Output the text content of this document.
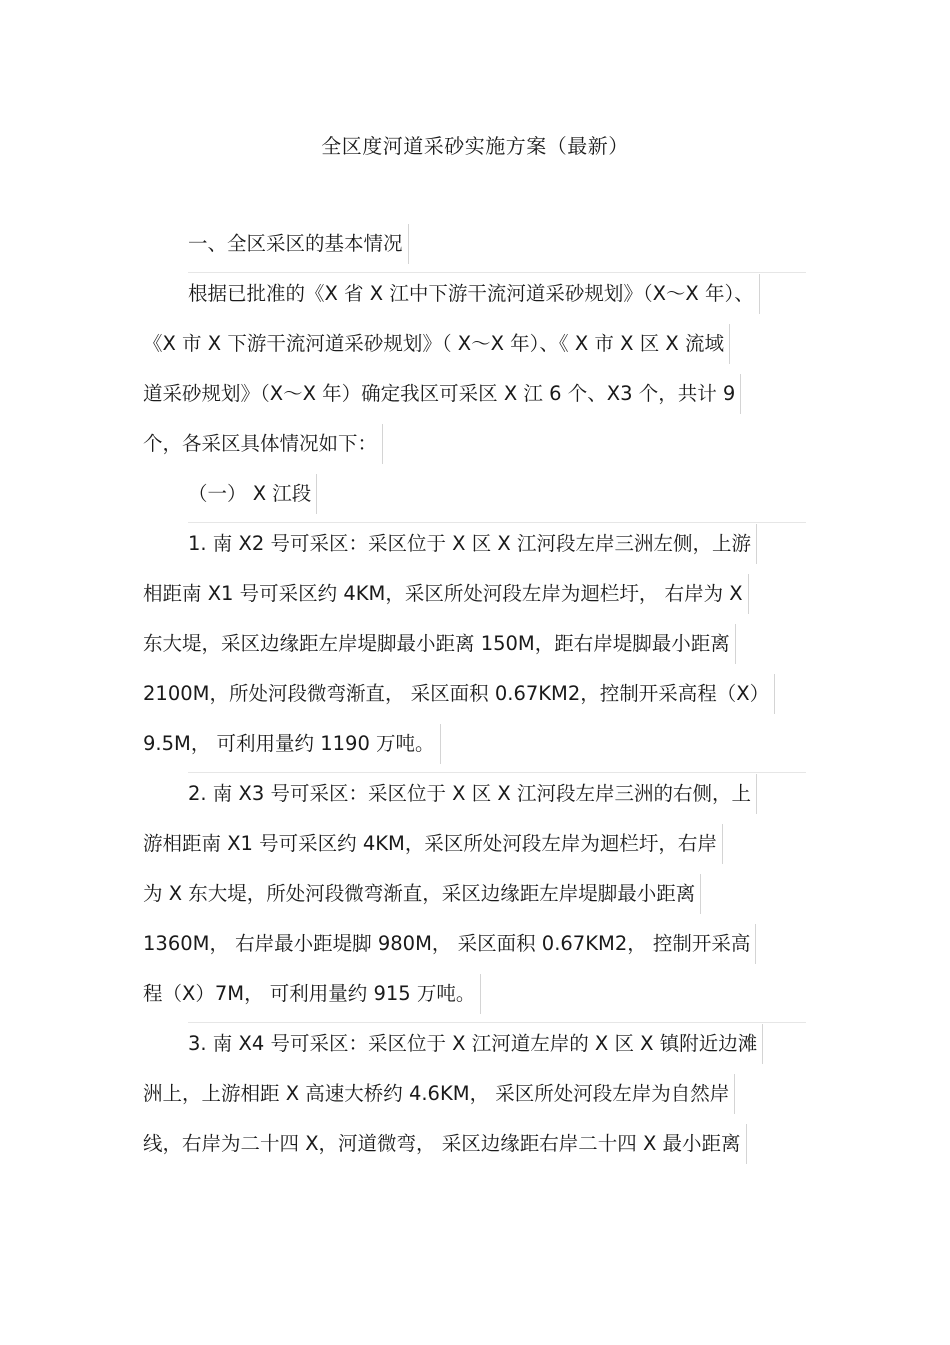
全区度河道采砂实施方案（最新）
一、全区采区的基本情况
根据已批准的《X 省 X 江中下游干流河道采砂规划》（X～X 年）、
《X 市 X 下游干流河道采砂规划》（ X～X 年）、《 X 市 X 区 X 流域
道采砂规划》（X～X 年）确定我区可采区 X 江 6 个、X3 个，共计 9
个，各采区具体情况如下：
（一） X 江段
1. 南 X2 号可采区：采区位于 X 区 X 江河段左岸三洲左侧，上游
相距南 X1 号可采区约 4KM，采区所处河段左岸为迴栏圩， 右岸为 X
东大堤，采区边缘距左岸堤脚最小距离 150M，距右岸堤脚最小距离
2100M，所处河段微弯渐直， 采区面积 0.67KM2，控制开采高程（X）
9.5M， 可利用量约 1190 万吨。
2. 南 X3 号可采区：采区位于 X 区 X 江河段左岸三洲的右侧，上
游相距南 X1 号可采区约 4KM，采区所处河段左岸为迴栏圩，右岸
为 X 东大堤，所处河段微弯渐直，采区边缘距左岸堤脚最小距离
1360M， 右岸最小距堤脚 980M， 采区面积 0.67KM2， 控制开采高
程（X）7M， 可利用量约 915 万吨。
3. 南 X4 号可采区：采区位于 X 江河道左岸的 X 区 X 镇附近边滩
洲上，上游相距 X 高速大桥约 4.6KM， 采区所处河段左岸为自然岸
线，右岸为二十四 X，河道微弯， 采区边缘距右岸二十四 X 最小距离
